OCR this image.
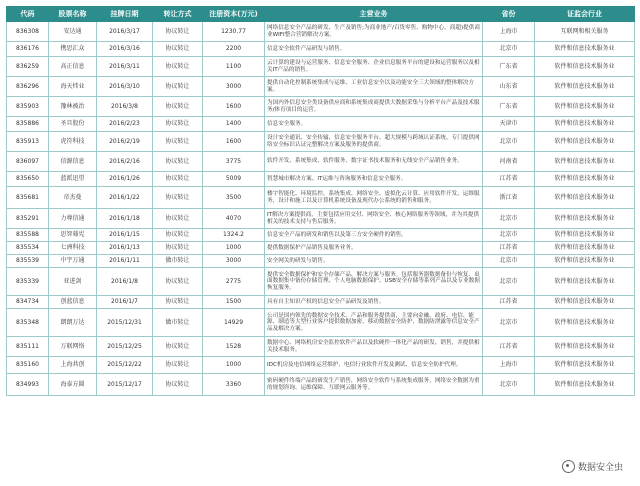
代码	股票名称	挂牌日期	转让方式	注册资本(万元)	主营业务	省份	证监会行业
836308	安达通	2016/3/17	协议转让	1230.77	网络信息安全产品的研发、生产及销售;为商业地产/百货零售、购物中心、商超)提供商业WIFI整合营销解决方案。	上海市	互联网和相关服务
836176	携思汇众	2016/3/16	协议转让	2200	信息安全软件产品研发与销售。	北京市	软件和信息技术服务业
836259	高正信息	2016/3/11	协议转让	1100	云计算的建设与运营服务、信息安全服务、企业信息服务平台的建设和运营服务以及相关IT产品的销售。	广东省	软件和信息技术服务业
836296	海天炜业	2016/3/10	协议转让	3000	提供自动化控制系统集成与运维、工业信息安全以及功能安全三大领域的整体解决方案。	山东省	软件和信息技术服务业
835903	豫林被治	2016/3/8	协议转让	1600	为国内外信息安全类设备供应商和系统集成商提供大数据采集与分析平台产品及技术服务/体育项目的运营。	广东省	软件和信息技术服务业
835886	圣旦股份	2016/2/23	协议转让	1400	信息安全服务。	天津市	软件和信息技术服务业
835913	虎符科技	2016/2/19	协议转让	1600	设计安全通讯、安全传输、信息安全服务平台、超大规模与跨域认证系统、专门提供网络安全标识认证完整解决方案及服务的提供商。	北京市	软件和信息技术服务业
836097	信源信息	2016/2/16	协议转让	3775	软件开发、系统集成、软件服务、数字证书技术服务和无线安全产品销售业务。	河南省	软件和信息技术服务业
835650	蓝派迅望	2016/1/26	协议转让	5009	智慧城市解决方案、IT运维与咨询服务和信息安全服务。	江苏省	软件和信息技术服务业
835681	帝杰曼	2016/1/22	协议转让	3500	楼宇智能化、环境监控、系统集成、网络安全、虚拟化云计算、应用软件开发、运维服务，设计和施工以及计算机系统设备及现代办公系统的销售和服务。	浙江省	软件和信息技术服务业
835291	力尊信通	2016/1/18	协议转让	4070	IT解决方案提供商，主要包括应用交付、网络安全、核心网络服务等领域，并为其提供相关的技术支持与售后服务。	北京市	软件和信息技术服务业
835588	思智蓦宪	2016/1/15	协议转让	1324.2	信息安全产品的研发和销售以及第三方安全硬件的销售。	北京市	软件和信息技术服务业
835534	七洲科技	2016/1/13	协议转让	1000	提供数据保护产品销售及服务业务。	江苏省	软件和信息技术服务业
835539	中宇万通	2016/1/11	做市转让	3000	安全网关的研发与销售。	北京市	软件和信息技术服务业
835339	亚进剑	2016/1/8	协议转让	2775	提供安全数据保护和安全存储产品、解决方案与服务。包括服务器数据备份与恢复、桌面数据集中备份存储管理、个人电脑数据保护、USB安全存储等系列产品以及专业数据恢复服务。	北京市	软件和信息技术服务业
834734	创蓝信息	2016/1/7	协议转让	1500	具有自主知识产权的信息安全产品研发及销售。	江苏省	软件和信息技术服务业
835348	朗朗万达	2015/12/31	做市转让	14929	公司是国内领先的数据安全技术、产品和服务提供商，主要向金融、政府、电信、能源、制造等大型行业客户提供数据加密、移动数据安全防护、数据防泄露等信息安全产品及解决方案。	北京市	软件和信息技术服务业
835111	万联网络	2015/12/25	协议转让	1528	数据中心、网络机房安全监控软件产品以及软硬件一体化产品的研发、销售，并提供相关技术服务。	江苏省	软件和信息技术服务业
835160	上海共创	2015/12/22	协议转让	1000	IDC机房及电信网络运营维护、电信行业软件开发及测试、信息安全防护代理。	上海市	软件和信息技术服务业
834993	海泰方圆	2015/12/17	协议转让	3360	密码硬件终端产品的研发生产销售，网络安全软件与系统集成服务，网络安全数据为重的规划咨询、运维保障、互联网云服务等。	北京市	软件和信息技术服务业
数据安全虫
